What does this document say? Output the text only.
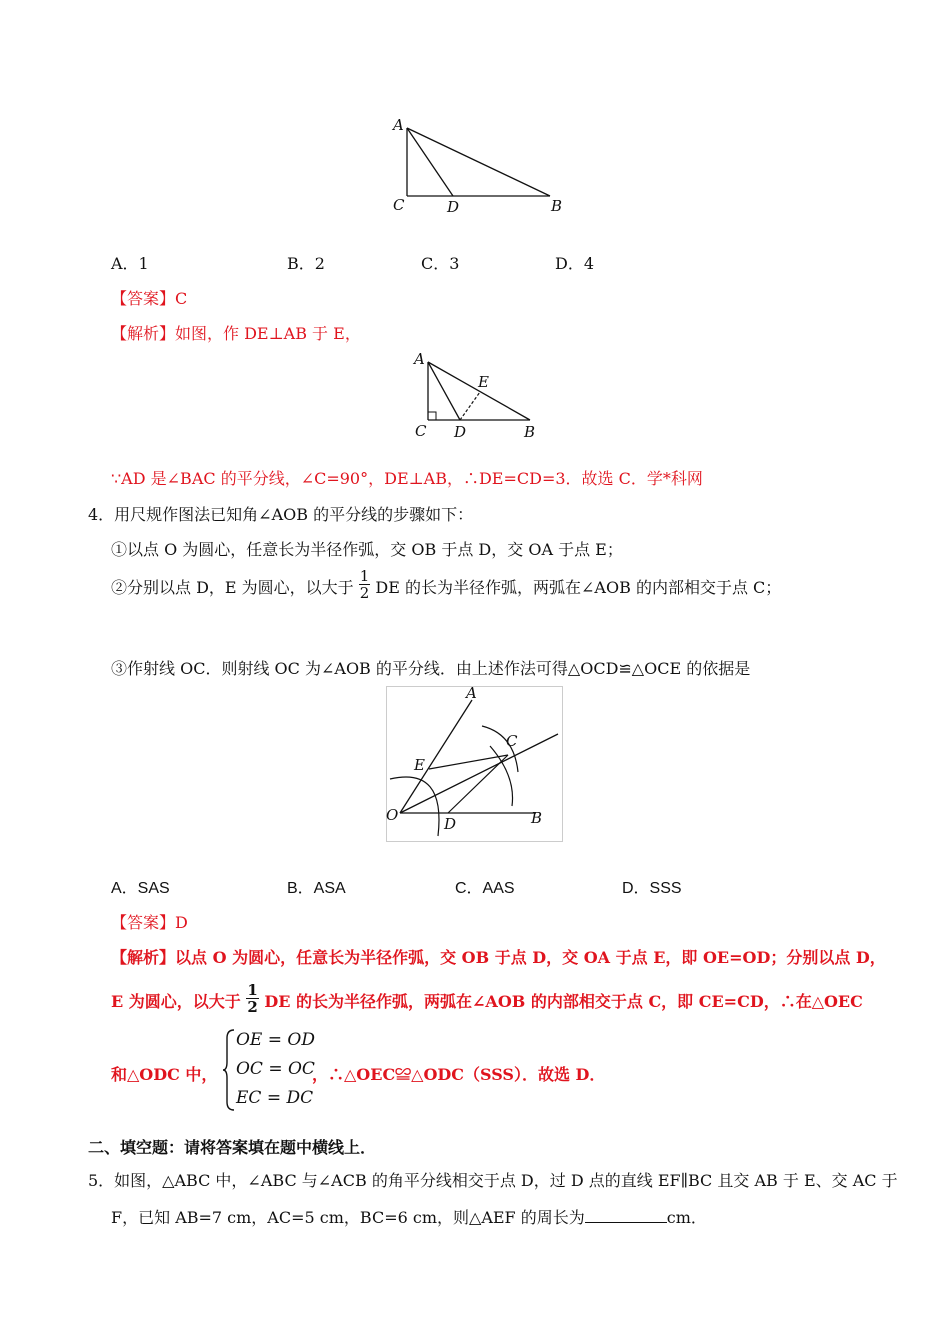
A
C	D	B
A．1	B．2	C．3	D．4
【答案】C
【解析】如图，作 DE⊥AB 于 E，
A
E
C D	B
∵AD 是∠BAC 的平分线，∠C=90°，DE⊥AB，∴DE=CD=3．故选 C．学*科网
4．用尺规作图法已知角∠AOB 的平分线的步骤如下：
①以点 O 为圆心，任意长为半径作弧，交 OB 于点 D，交 OA 于点 E；
②分别以点 D，E 为圆心，以大于 $\frac{1}{2}$ DE 的长为半径作弧，两弧在∠AOB 的内部相交于点 C；
③作射线 OC．则射线 OC 为∠AOB 的平分线．由上述作法可得△OCD≌△OCE 的依据是
A
C
E
O	D	B
A．SAS	B．ASA	C．AAS	D．SSS
【答案】D
【解析】以点 O 为圆心，任意长为半径作弧，交 OB 于点 D，交 OA 于点 E，即 OE=OD；分别以点 D，
E 为圆心，以大于 $\frac{1}{2}$ DE 的长为半径作弧，两弧在∠AOB 的内部相交于点 C，即 CE=CD，∴在△OEC
和△ODC 中，
OE = OD
OC = OC
EC = DC
，∴△OEC≌△ODC（SSS）．故选 D．
二、填空题：请将答案填在题中横线上．
5．如图，△ABC 中，∠ABC 与∠ACB 的角平分线相交于点 D，过 D 点的直线 EF∥BC 且交 AB 于 E、交 AC 于
F，已知 AB=7 cm，AC=5 cm，BC=6 cm，则△AEF 的周长为	cm．
